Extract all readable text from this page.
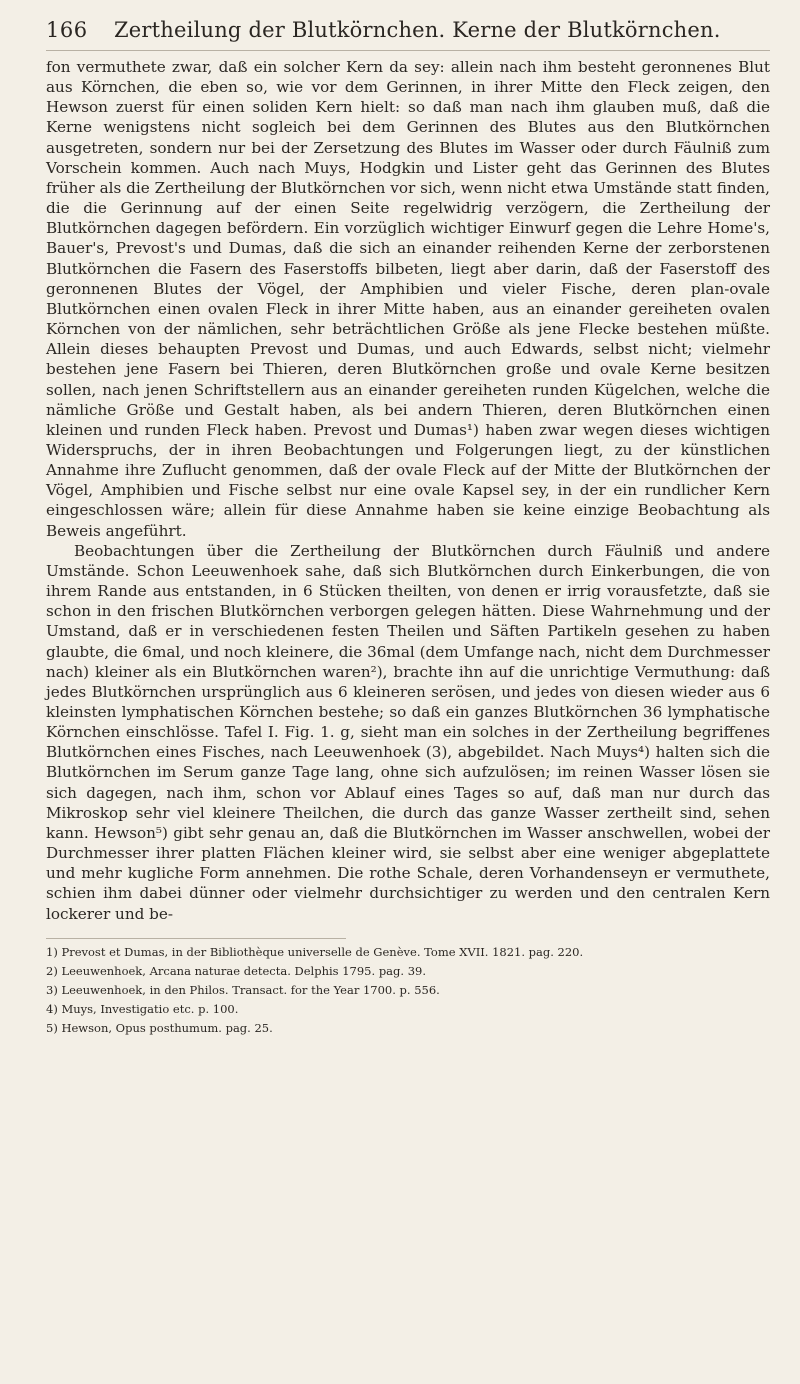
166 Zertheilung der Blutkörnchen. Kerne der Blutkörnchen.

fon vermuthete zwar, daß ein solcher Kern da sey: allein nach ihm besteht geronnenes Blut aus Körnchen, die eben so, wie vor dem Gerinnen, in ihrer Mitte den Fleck zeigen, den Hewson zuerst für einen soliden Kern hielt: so daß man nach ihm glauben muß, daß die Kerne wenigstens nicht sogleich bei dem Gerinnen des Blutes aus den Blutkörnchen ausgetreten, sondern nur bei der Zersetzung des Blutes im Wasser oder durch Fäulniß zum Vorschein kommen. Auch nach Muys, Hodgkin und Lister geht das Gerinnen des Blutes früher als die Zertheilung der Blutkörnchen vor sich, wenn nicht etwa Umstände statt finden, die die Gerinnung auf der einen Seite regelwidrig verzögern, die Zertheilung der Blutkörnchen dagegen befördern. Ein vorzüglich wichtiger Einwurf gegen die Lehre Home's, Bauer's, Prevost's und Dumas, daß die sich an einander reihenden Kerne der zerborstenen Blutkörnchen die Fasern des Faserstoffs bilbeten, liegt aber darin, daß der Faserstoff des geronnenen Blutes der Vögel, der Amphibien und vieler Fische, deren plan-ovale Blutkörnchen einen ovalen Fleck in ihrer Mitte haben, aus an einander gereiheten ovalen Körnchen von der nämlichen, sehr beträchtlichen Größe als jene Flecke bestehen müßte. Allein dieses behaupten Prevost und Dumas, und auch Edwards, selbst nicht; vielmehr bestehen jene Fasern bei Thieren, deren Blutkörnchen große und ovale Kerne besitzen sollen, nach jenen Schriftstellern aus an einander gereiheten runden Kügelchen, welche die nämliche Größe und Gestalt haben, als bei andern Thieren, deren Blutkörnchen einen kleinen und runden Fleck haben. Prevost und Dumas¹) haben zwar wegen dieses wichtigen Widerspruchs, der in ihren Beobachtungen und Folgerungen liegt, zu der künstlichen Annahme ihre Zuflucht genommen, daß der ovale Fleck auf der Mitte der Blutkörnchen der Vögel, Amphibien und Fische selbst nur eine ovale Kapsel sey, in der ein rundlicher Kern eingeschlossen wäre; allein für diese Annahme haben sie keine einzige Beobachtung als Beweis angeführt.

Beobachtungen über die Zertheilung der Blutkörnchen durch Fäulniß und andere Umstände. Schon Leeuwenhoek sahe, daß sich Blutkörnchen durch Einkerbungen, die von ihrem Rande aus entstanden, in 6 Stücken theilten, von denen er irrig vorausfetzte, daß sie schon in den frischen Blutkörnchen verborgen gelegen hätten. Diese Wahrnehmung und der Umstand, daß er in verschiedenen festen Theilen und Säften Partikeln gesehen zu haben glaubte, die 6mal, und noch kleinere, die 36mal (dem Umfange nach, nicht dem Durchmesser nach) kleiner als ein Blutkörnchen waren²), brachte ihn auf die unrichtige Vermuthung: daß jedes Blutkörnchen ursprünglich aus 6 kleineren serösen, und jedes von diesen wieder aus 6 kleinsten lymphatischen Körnchen bestehe; so daß ein ganzes Blutkörnchen 36 lymphatische Körnchen einschlösse. Tafel I. Fig. 1. g, sieht man ein solches in der Zertheilung begriffenes Blutkörnchen eines Fisches, nach Leeuwenhoek (3), abgebildet. Nach Muys⁴) halten sich die Blutkörnchen im Serum ganze Tage lang, ohne sich aufzulösen; im reinen Wasser lösen sie sich dagegen, nach ihm, schon vor Ablauf eines Tages so auf, daß man nur durch das Mikroskop sehr viel kleinere Theilchen, die durch das ganze Wasser zertheilt sind, sehen kann. Hewson⁵) gibt sehr genau an, daß die Blutkörnchen im Wasser anschwellen, wobei der Durchmesser ihrer platten Flächen kleiner wird, sie selbst aber eine weniger abgeplattete und mehr kugliche Form annehmen. Die rothe Schale, deren Vorhandenseyn er vermuthete, schien ihm dabei dünner oder vielmehr durchsichtiger zu werden und den centralen Kern lockerer und be-

1) Prevost et Dumas, in der Bibliothèque universelle de Genève. Tome XVII. 1821. pag. 220.

2) Leeuwenhoek, Arcana naturae detecta. Delphis 1795. pag. 39.

3) Leeuwenhoek, in den Philos. Transact. for the Year 1700. p. 556.

4) Muys, Investigatio etc. p. 100.

5) Hewson, Opus posthumum. pag. 25.
